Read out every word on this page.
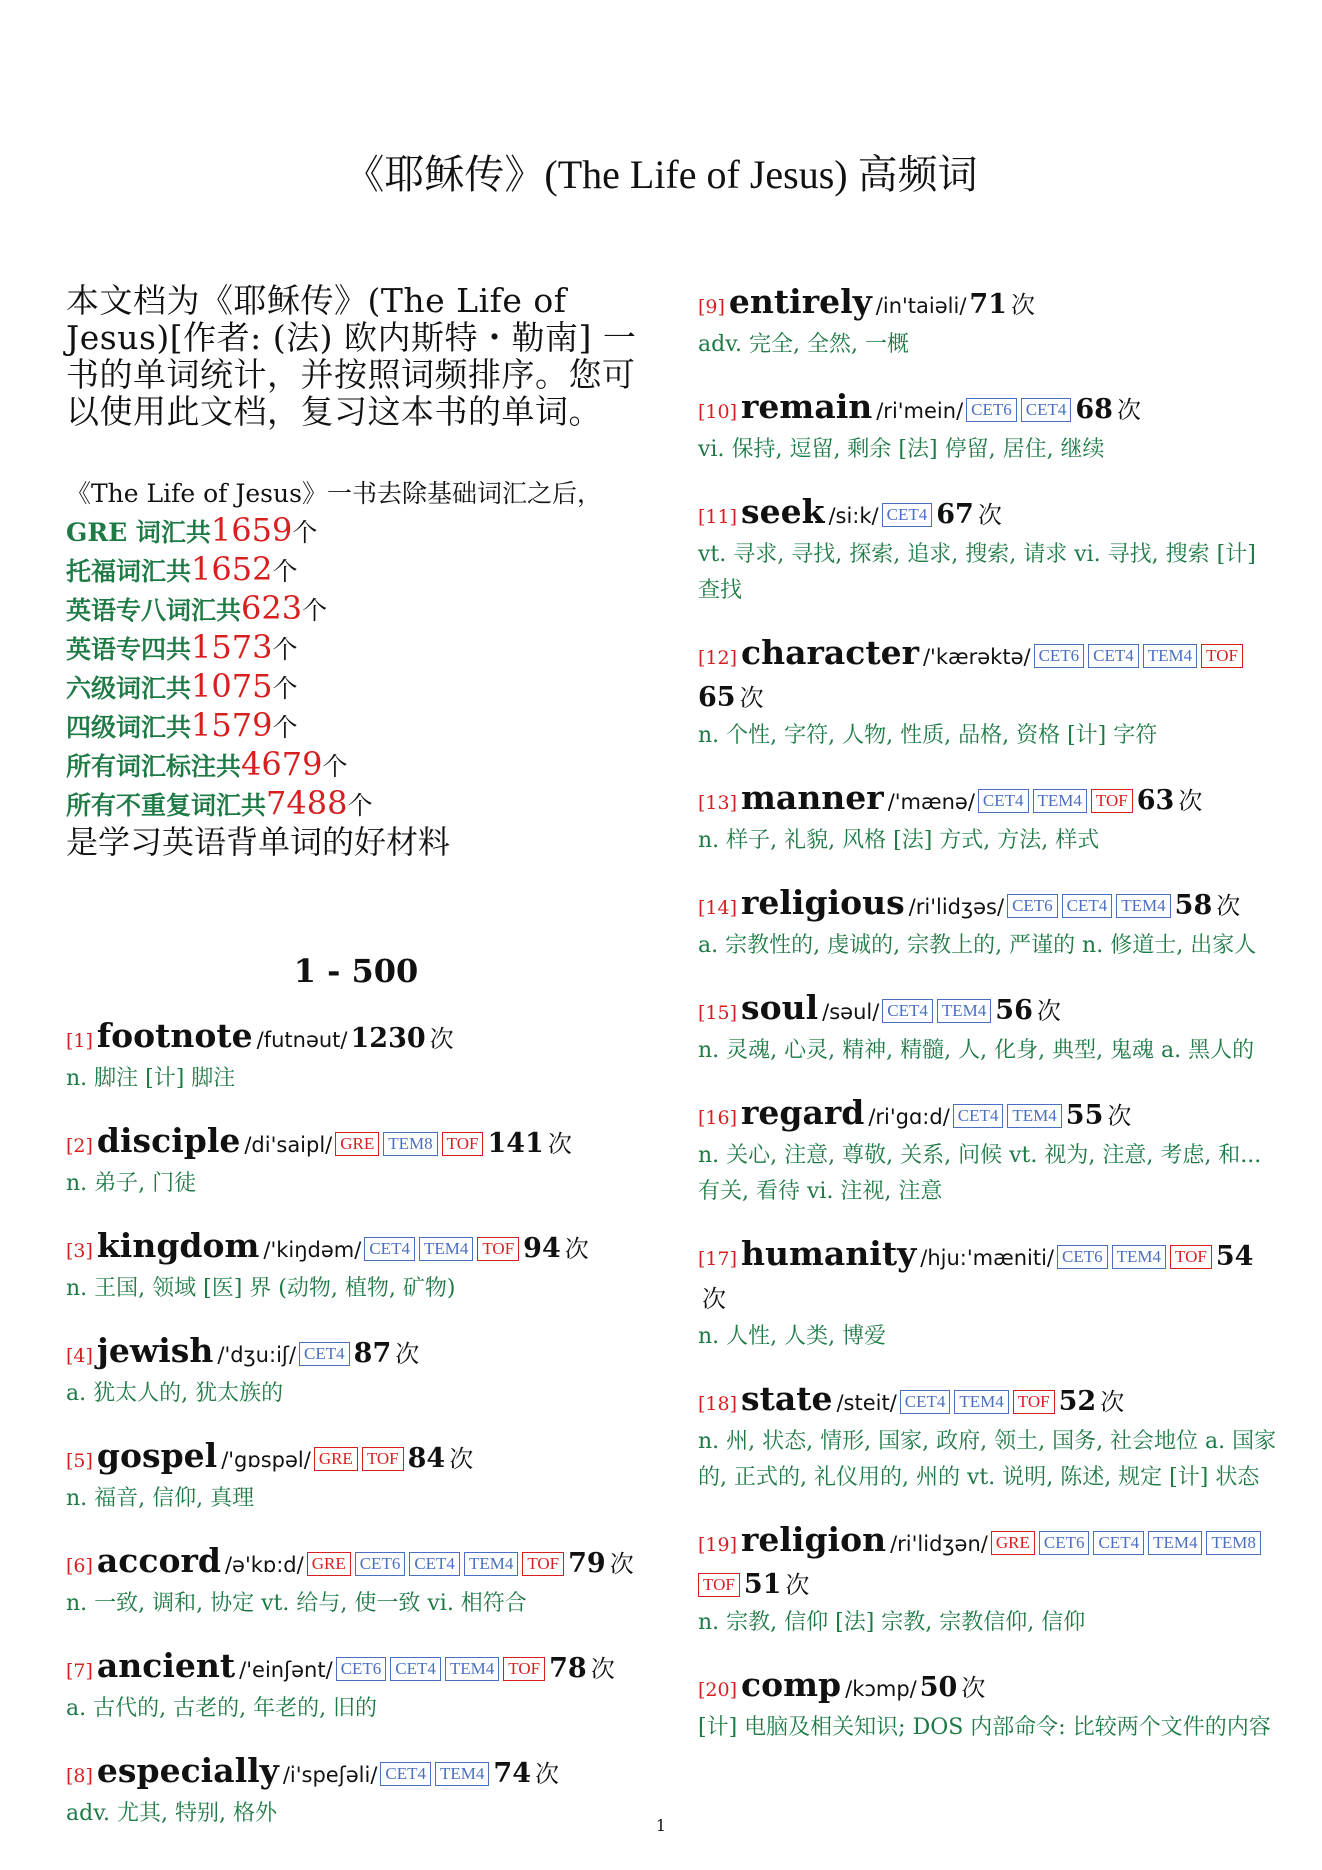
《耶稣传》(The Life of Jesus) 高频词
本文档为《耶稣传》(The Life of Jesus)[作者: (法) 欧内斯特・勒南] 一书的单词统计，并按照词频排序。您可以使用此文档，复习这本书的单词。
《The Life of Jesus》一书去除基础词汇之后，
GRE 词汇共1659个
托福词汇共1652个
英语专八词汇共623个
英语专四共1573个
六级词汇共1075个
四级词汇共1579个
所有词汇标注共4679个
所有不重复词汇共7488个
是学习英语背单词的好材料
1 - 500
[1] footnote /futnəut/ 1230 次
n. 脚注 [计] 脚注
[2] disciple /di'saipl/ GRE TEM8 TOF 141 次
n. 弟子, 门徒
[3] kingdom /'kiŋdəm/ CET4 TEM4 TOF 94 次
n. 王国, 领域 [医] 界 (动物, 植物, 矿物)
[4] jewish /'dʒu:iʃ/ CET4 87 次
a. 犹太人的, 犹太族的
[5] gospel /'gɒspəl/ GRE TOF 84 次
n. 福音, 信仰, 真理
[6] accord /ə'kɒ:d/ GRE CET6 CET4 TEM4 TOF 79 次
n. 一致, 调和, 协定 vt. 给与, 使一致 vi. 相符合
[7] ancient /'einʃənt/ CET6 CET4 TEM4 TOF 78 次
a. 古代的, 古老的, 年老的, 旧的
[8] especially /i'speʃəli/ CET4 TEM4 74 次
adv. 尤其, 特别, 格外
[9] entirely /in'taiəli/ 71 次
adv. 完全, 全然, 一概
[10] remain /ri'mein/ CET6 CET4 68 次
vi. 保持, 逗留, 剩余 [法] 停留, 居住, 继续
[11] seek /si:k/ CET4 67 次
vt. 寻求, 寻找, 探索, 追求, 搜索, 请求 vi. 寻找, 搜索 [计] 查找
[12] character /'kærəktə/ CET6 CET4 TEM4 TOF65 次
n. 个性, 字符, 人物, 性质, 品格, 资格 [计] 字符
[13] manner /'mænə/ CET4 TEM4 TOF 63 次
n. 样子, 礼貌, 风格 [法] 方式, 方法, 样式
[14] religious /ri'lidʒəs/ CET6 CET4 TEM4 58 次
a. 宗教性的, 虔诚的, 宗教上的, 严谨的 n. 修道士, 出家人
[15] soul /səul/ CET4 TEM4 56 次
n. 灵魂, 心灵, 精神, 精髓, 人, 化身, 典型, 鬼魂 a. 黑人的
[16] regard /ri'gɑ:d/ CET4 TEM4 55 次
n. 关心, 注意, 尊敬, 关系, 问候 vt. 视为, 注意, 考虑, 和...有关, 看待 vi. 注视, 注意
[17] humanity /hju:'mæniti/ CET6 TEM4 TOF 54次
n. 人性, 人类, 博爱
[18] state /steit/ CET4 TEM4 TOF 52 次
n. 州, 状态, 情形, 国家, 政府, 领土, 国务, 社会地位 a. 国家的, 正式的, 礼仪用的, 州的 vt. 说明, 陈述, 规定 [计] 状态
[19] religion /ri'lidʒən/ GRE CET6 CET4 TEM4 TEM8TOF 51 次
n. 宗教, 信仰 [法] 宗教, 宗教信仰, 信仰
[20] comp /kɔmp/ 50 次
[计] 电脑及相关知识; DOS 内部命令: 比较两个文件的内容
1
